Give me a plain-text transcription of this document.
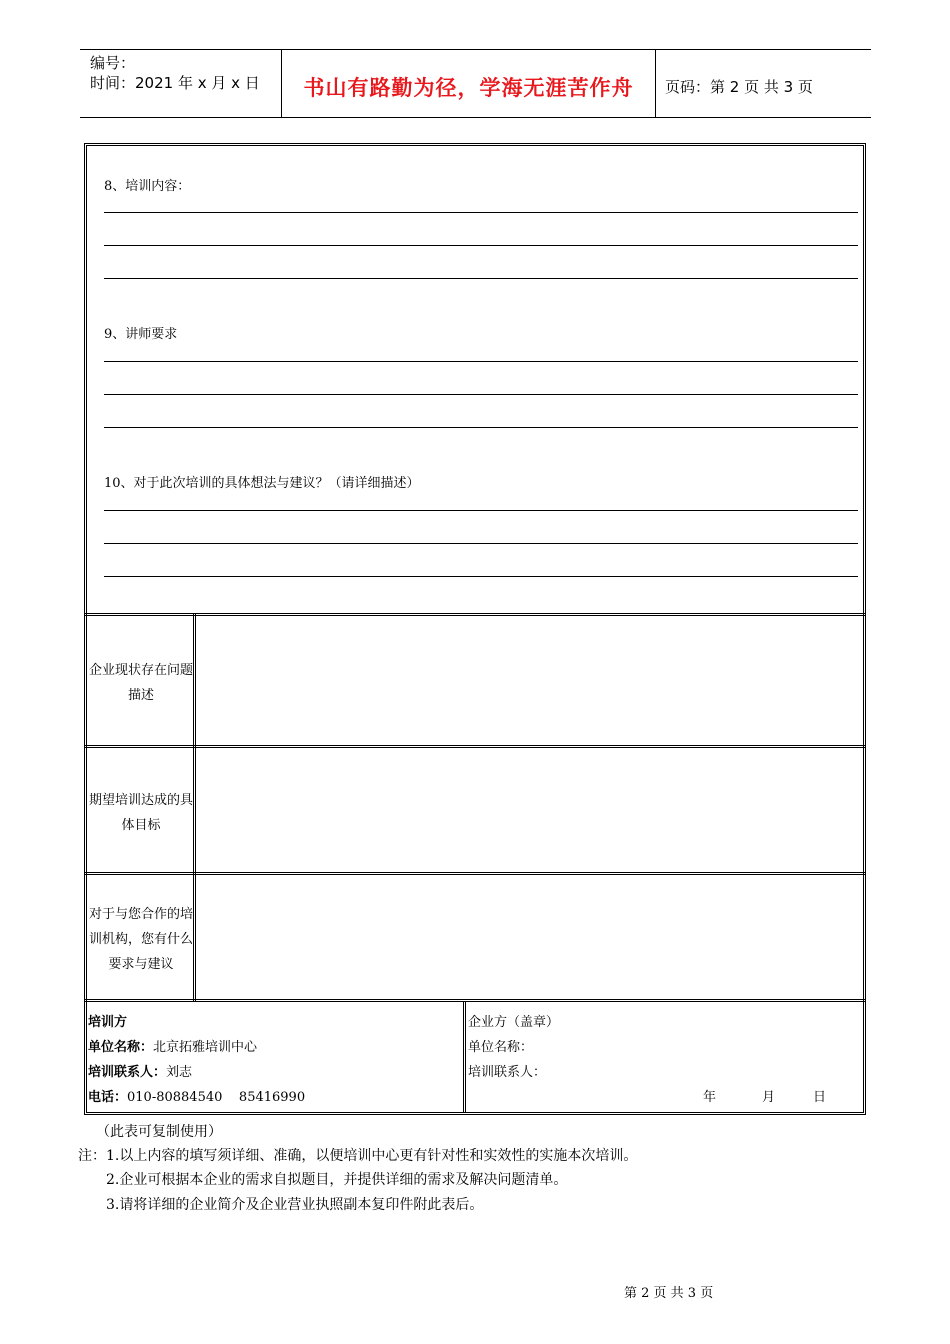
编号：
时间：2021 年 x 月 x 日	书山有路勤为径，学海无涯苦作舟	页码：第 2 页 共 3 页
8、培训内容：
9、讲师要求
10、对于此次培训的具体想法与建议？（请详细描述）
企业现状存在问题描述
期望培训达成的具体目标
对于与您合作的培训机构，您有什么要求与建议
培训方
单位名称：北京拓雅培训中心
培训联系人：刘志
电话：010-80884540    85416990
企业方（盖章）
单位名称：
培训联系人：
年	月	日
（此表可复制使用）
注：1.以上内容的填写须详细、准确，以便培训中心更有针对性和实效性的实施本次培训。
2.企业可根据本企业的需求自拟题目，并提供详细的需求及解决问题清单。
3.请将详细的企业简介及企业营业执照副本复印件附此表后。
第 2 页 共 3 页
